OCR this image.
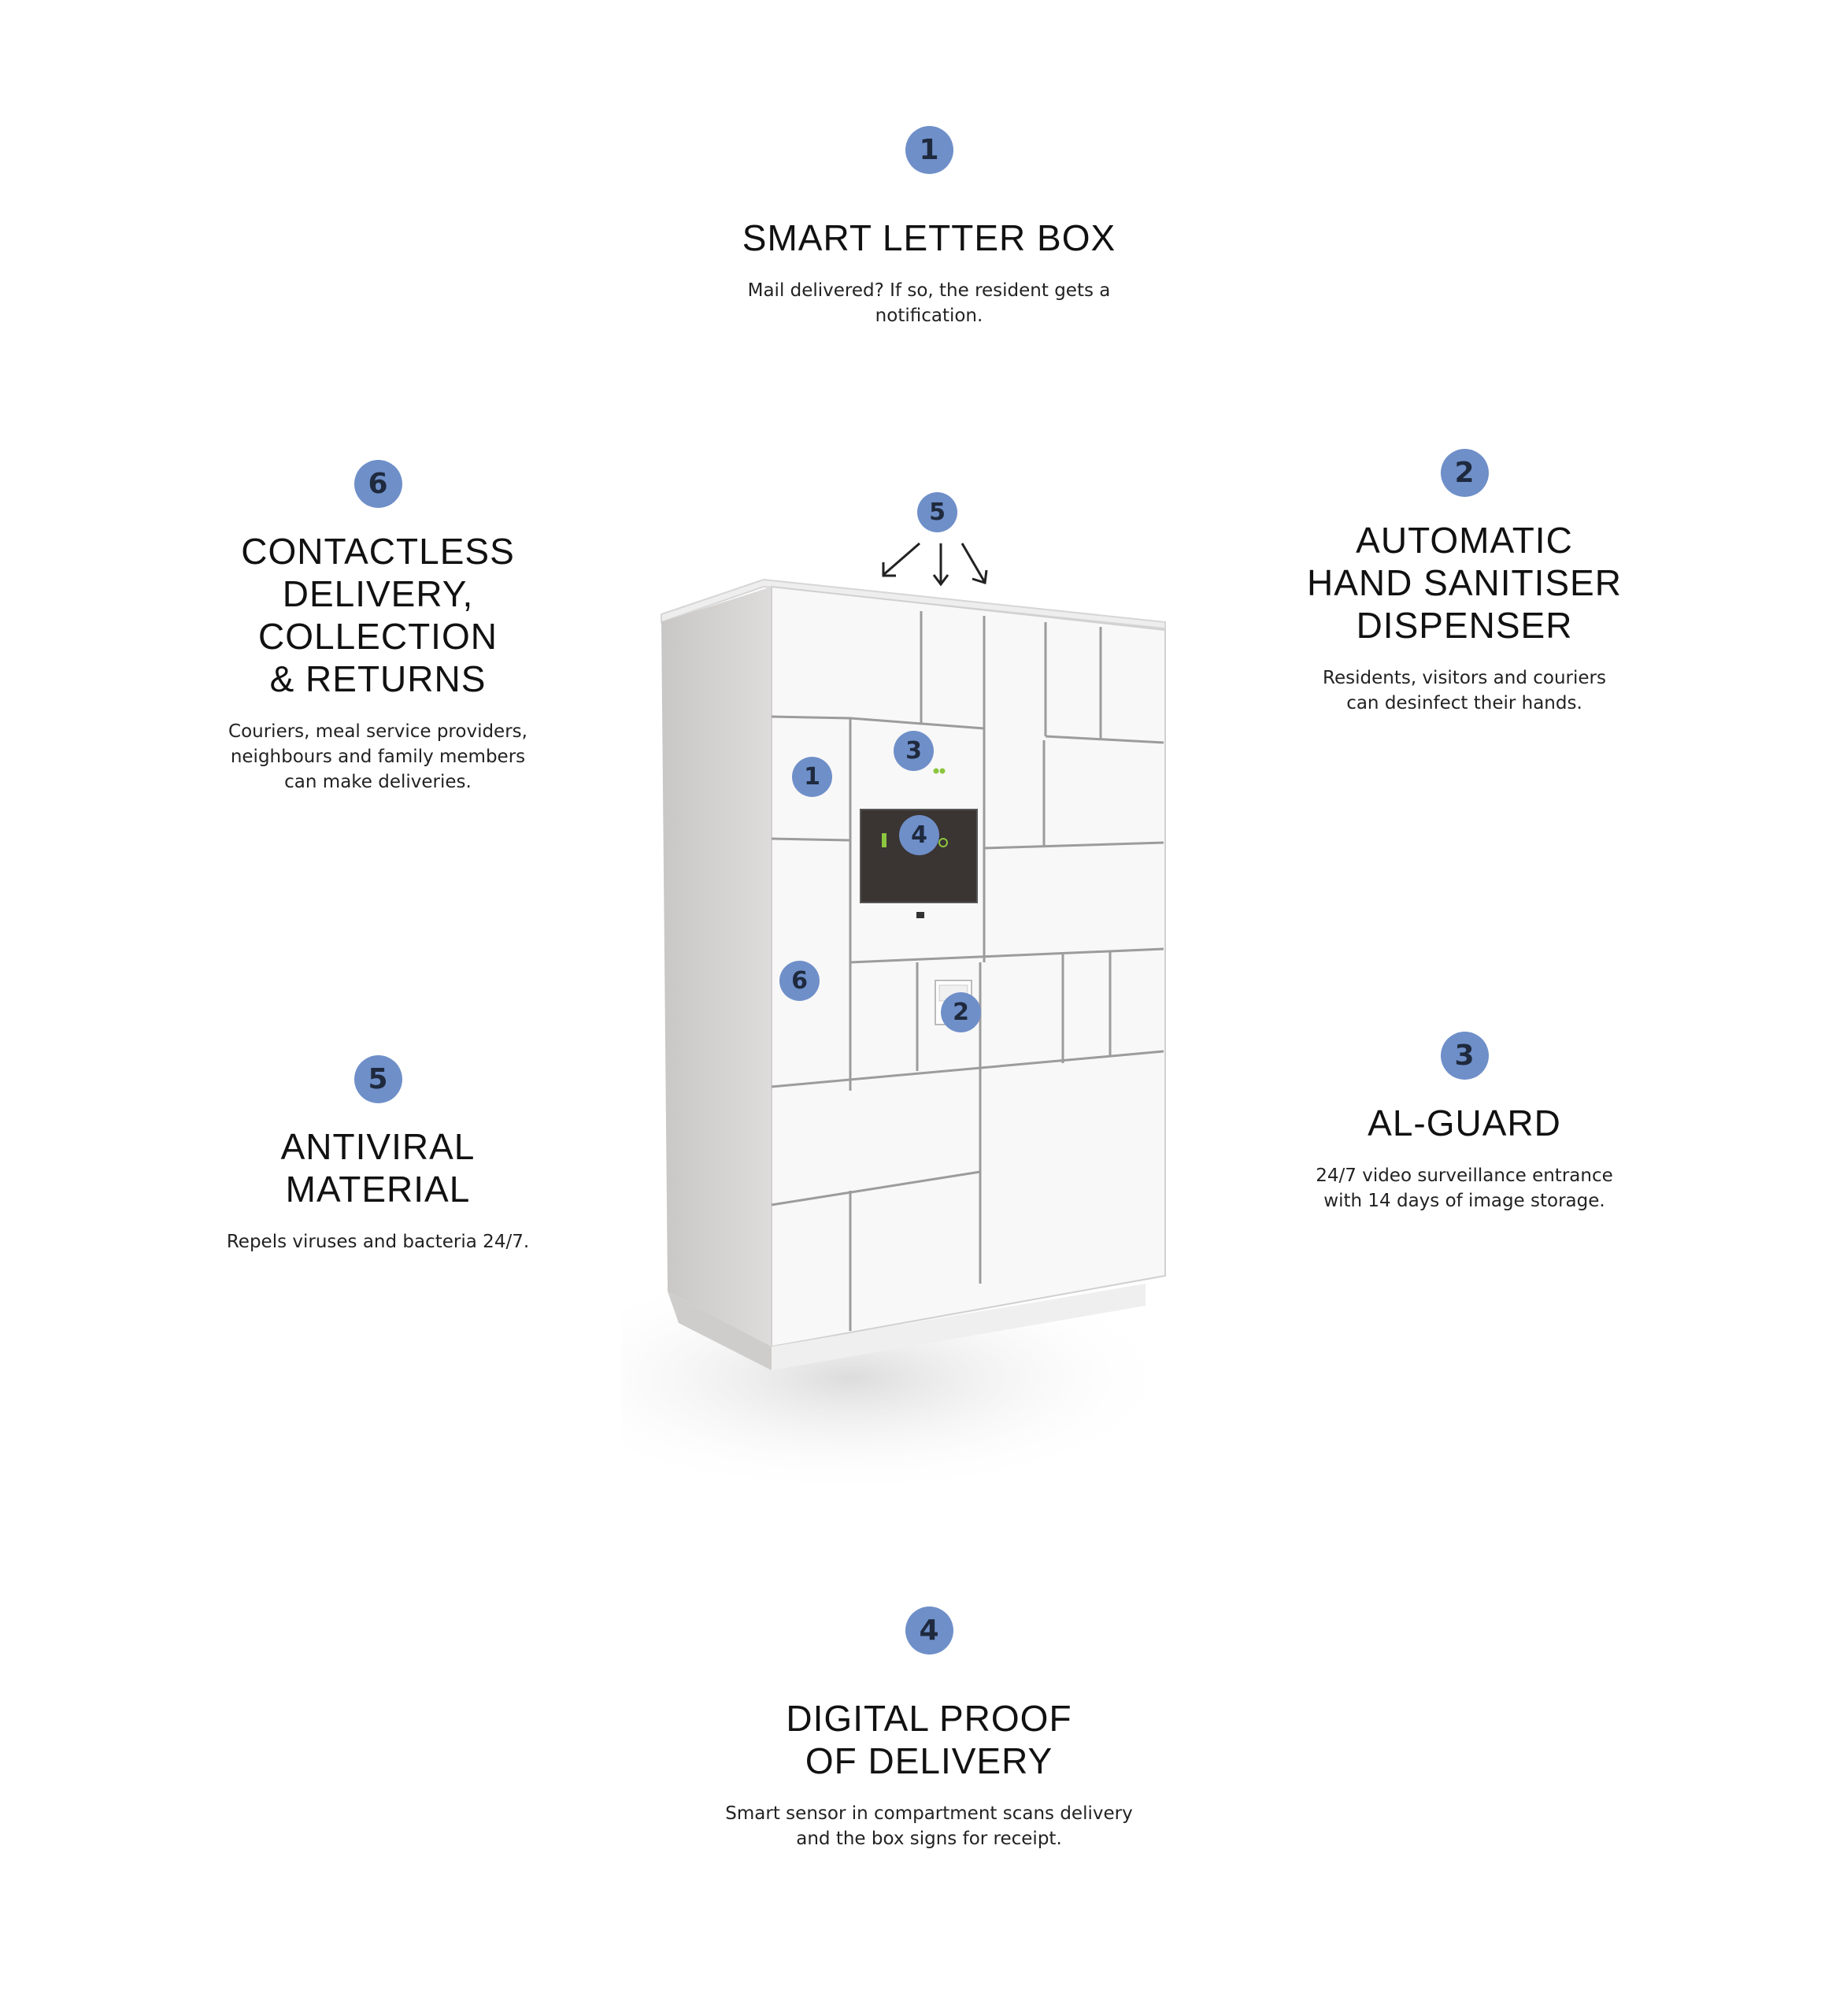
1
SMART LETTER BOX
Mail delivered? If so, the resident gets a
notification.
6
CONTACTLESS
DELIVERY,
COLLECTION
& RETURNS
Couriers, meal service providers,
neighbours and family members
can make deliveries.
2
AUTOMATIC
HAND SANITISER
DISPENSER
Residents, visitors and couriers
can desinfect their hands.
5
ANTIVIRAL
MATERIAL
Repels viruses and bacteria 24/7.
3
AL-GUARD
24/7 video surveillance entrance
with 14 days of image storage.
4
DIGITAL PROOF
OF DELIVERY
Smart sensor in compartment scans delivery
and the box signs for receipt.
5
3
1
4
6
2
